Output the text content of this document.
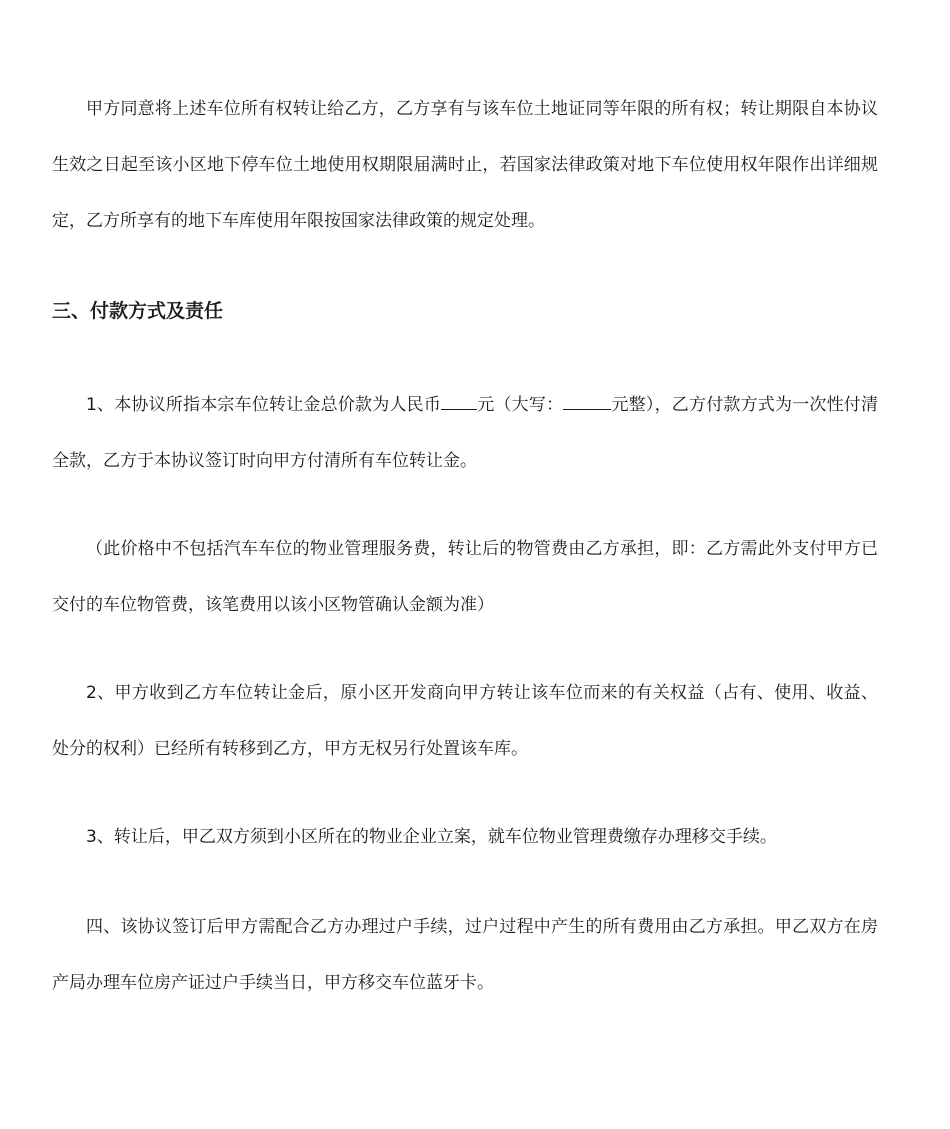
甲方同意将上述车位所有权转让给乙方，乙方享有与该车位土地证同等年限的所有权；转让期限自本协议生效之日起至该小区地下停车位土地使用权期限届满时止，若国家法律政策对地下车位使用权年限作出详细规定，乙方所享有的地下车库使用年限按国家法律政策的规定处理。

三、付款方式及责任

1、本协议所指本宗车位转让金总价款为人民币 元（大写：	元整），乙方付款方式为一次性付清全款，乙方于本协议签订时向甲方付清所有车位转让金。

（此价格中不包括汽车车位的物业管理服务费，转让后的物管费由乙方承担，即：乙方需此外支付甲方已交付的车位物管费，该笔费用以该小区物管确认金额为准）

2、甲方收到乙方车位转让金后，原小区开发商向甲方转让该车位而来的有关权益（占有、使用、收益、处分的权利）已经所有转移到乙方，甲方无权另行处置该车库。

3、转让后，甲乙双方须到小区所在的物业企业立案，就车位物业管理费缴存办理移交手续。

四、该协议签订后甲方需配合乙方办理过户手续，过户过程中产生的所有费用由乙方承担。甲乙双方在房产局办理车位房产证过户手续当日，甲方移交车位蓝牙卡。
